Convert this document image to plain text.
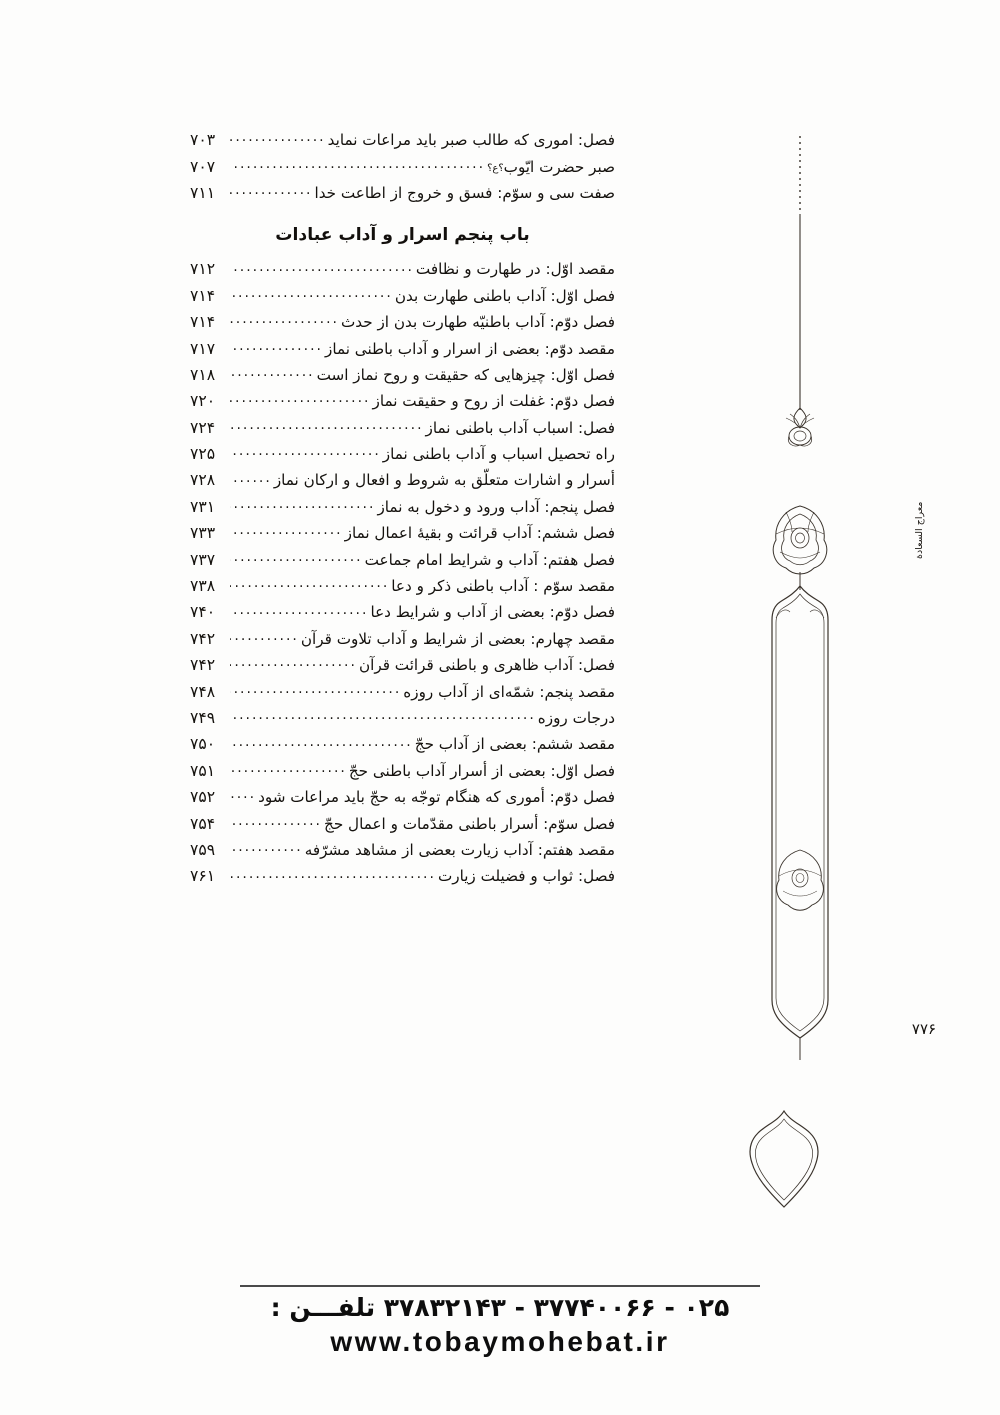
فصل: اموری که طالب صبر باید مراعات نماید
.....
۷۰۳
صبر حضرت ایّوب
؟ع؟
.....
۷۰۷
صفت سی و سوّم: فسق و خروج از اطاعت خدا
.....
۷۱۱
باب پنجم اسرار و آداب عبادات
مقصد اوّل: در طهارت و نظافت
.....
۷۱۲
فصل اوّل: آداب باطنی طهارت بدن
.....
۷۱۴
فصل دوّم: آداب باطنیّه طهارت بدن از حدث
.....
۷۱۴
مقصد دوّم: بعضی از اسرار و آداب باطنی نماز
.....
۷۱۷
فصل اوّل: چیزهایی که حقیقت و روح نماز است
.....
۷۱۸
فصل دوّم: غفلت از روح و حقیقت نماز
.....
۷۲۰
فصل: اسباب آداب باطنی نماز
.....
۷۲۴
راه تحصیل اسباب و آداب باطنی نماز
.....
۷۲۵
أسرار و اشارات متعلّق به شروط و افعال و ارکان نماز
.....
۷۲۸
فصل پنجم: آداب ورود و دخول به نماز
.....
۷۳۱
فصل ششم: آداب قرائت و بقیهٔ اعمال نماز
.....
۷۳۳
فصل هفتم: آداب و شرایط امام جماعت
.....
۷۳۷
مقصد سوّم : آداب باطنی ذکر و دعا
.....
۷۳۸
فصل دوّم: بعضی از آداب و شرایط دعا
.....
۷۴۰
مقصد چهارم: بعضی از شرایط و آداب تلاوت قرآن
.....
۷۴۲
فصل: آداب ظاهری و باطنی قرائت قرآن
.....
۷۴۲
مقصد پنجم: شمّه‌ای از آداب روزه
.....
۷۴۸
درجات روزه
.....
۷۴۹
مقصد ششم: بعضی از آداب حجّ
.....
۷۵۰
فصل اوّل: بعضی از أسرار آداب باطنی حجّ
.....
۷۵۱
فصل دوّم: أموری که هنگام توجّه به حجّ باید مراعات شود
.....
۷۵۲
فصل سوّم: أسرار باطنی مقدّمات و اعمال حجّ
.....
۷۵۴
مقصد هفتم: آداب زیارت بعضی از مشاهد مشرّفه
.....
۷۵۹
فصل: ثواب و فضیلت زیارت
.....
۷۶۱
معراج السعادة
۷۷۶
۰۲۵ - ۳۷۷۴۰۰۶۶ - ۳۷۸۳۲۱۴۳ تلفـــن :
www.tobaymohebat.ir
